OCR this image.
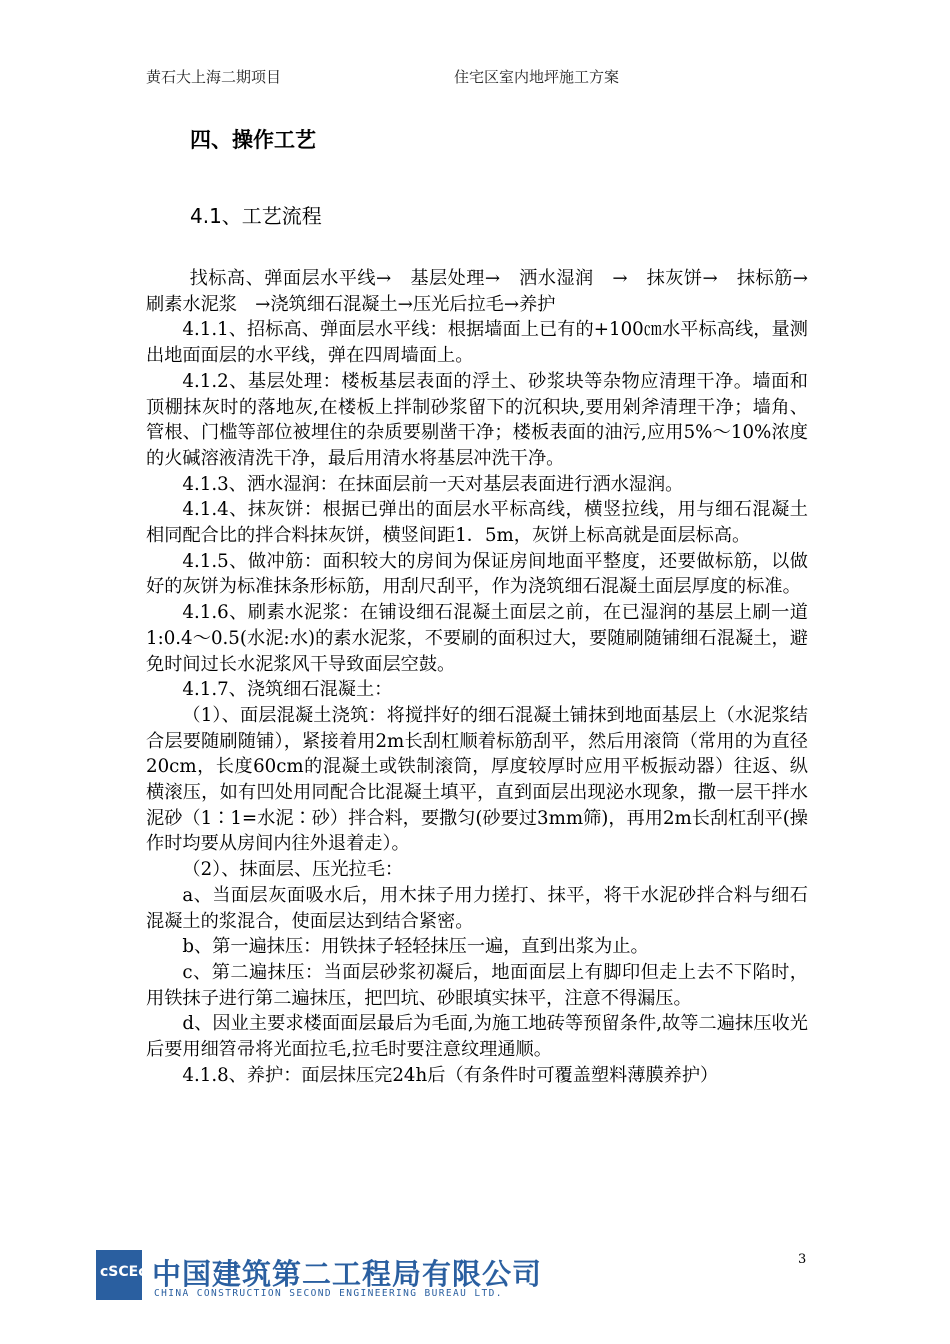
黄石大上海二期项目	住宅区室内地坪施工方案
四、操作工艺
4.1、工艺流程

找标高、弹面层水平线→　基层处理→　洒水湿润　→　抹灰饼→　抹标筋→　刷素水泥浆　→浇筑细石混凝土→压光后拉毛→养护

4.1.1、招标高、弹面层水平线：根据墙面上已有的+100㎝水平标高线，量测出地面面层的水平线，弹在四周墙面上。

4.1.2、基层处理：楼板基层表面的浮土、砂浆块等杂物应清理干净。墙面和顶棚抹灰时的落地灰,在楼板上拌制砂浆留下的沉积块,要用剁斧清理干净；墙角、管根、门槛等部位被埋住的杂质要剔凿干净；楼板表面的油污,应用5%～10%浓度的火碱溶液清洗干净，最后用清水将基层冲洗干净。

4.1.3、洒水湿润：在抹面层前一天对基层表面进行洒水湿润。

4.1.4、抹灰饼：根据已弹出的面层水平标高线，横竖拉线，用与细石混凝土相同配合比的拌合料抹灰饼，横竖间距1．5m，灰饼上标高就是面层标高。

4.1.5、做冲筋：面积较大的房间为保证房间地面平整度，还要做标筋，以做好的灰饼为标准抹条形标筋，用刮尺刮平，作为浇筑细石混凝土面层厚度的标准。

4.1.6、刷素水泥浆：在铺设细石混凝土面层之前，在已湿润的基层上刷一道1:0.4～0.5(水泥:水)的素水泥浆，不要刷的面积过大，要随刷随铺细石混凝土，避免时间过长水泥浆风干导致面层空鼓。

4.1.7、浇筑细石混凝土：

（1）、面层混凝土浇筑：将搅拌好的细石混凝土铺抹到地面基层上（水泥浆结合层要随刷随铺），紧接着用2m长刮杠顺着标筋刮平，然后用滚筒（常用的为直径20cm，长度60cm的混凝土或铁制滚筒，厚度较厚时应用平板振动器）往返、纵横滚压，如有凹处用同配合比混凝土填平，直到面层出现泌水现象，撒一层干拌水泥砂（1∶1=水泥∶砂）拌合料，要撒匀(砂要过3mm筛)，再用2m长刮杠刮平(操作时均要从房间内往外退着走）。

（2）、抹面层、压光拉毛：

a、当面层灰面吸水后，用木抹子用力搓打、抹平，将干水泥砂拌合料与细石混凝土的浆混合，使面层达到结合紧密。

b、第一遍抹压：用铁抹子轻轻抹压一遍，直到出浆为止。

c、第二遍抹压：当面层砂浆初凝后，地面面层上有脚印但走上去不下陷时，用铁抹子进行第二遍抹压，把凹坑、砂眼填实抹平，注意不得漏压。

d、因业主要求楼面面层最后为毛面,为施工地砖等预留条件,故等二遍抹压收光后要用细笤帚将光面拉毛,拉毛时要注意纹理通顺。

4.1.8、养护：面层抹压完24h后（有条件时可覆盖塑料薄膜养护）

3
cSCEc 中国建筑第二工程局有限公司
CHINA CONSTRUCTION SECOND ENGINEERING BUREAU LTD.
